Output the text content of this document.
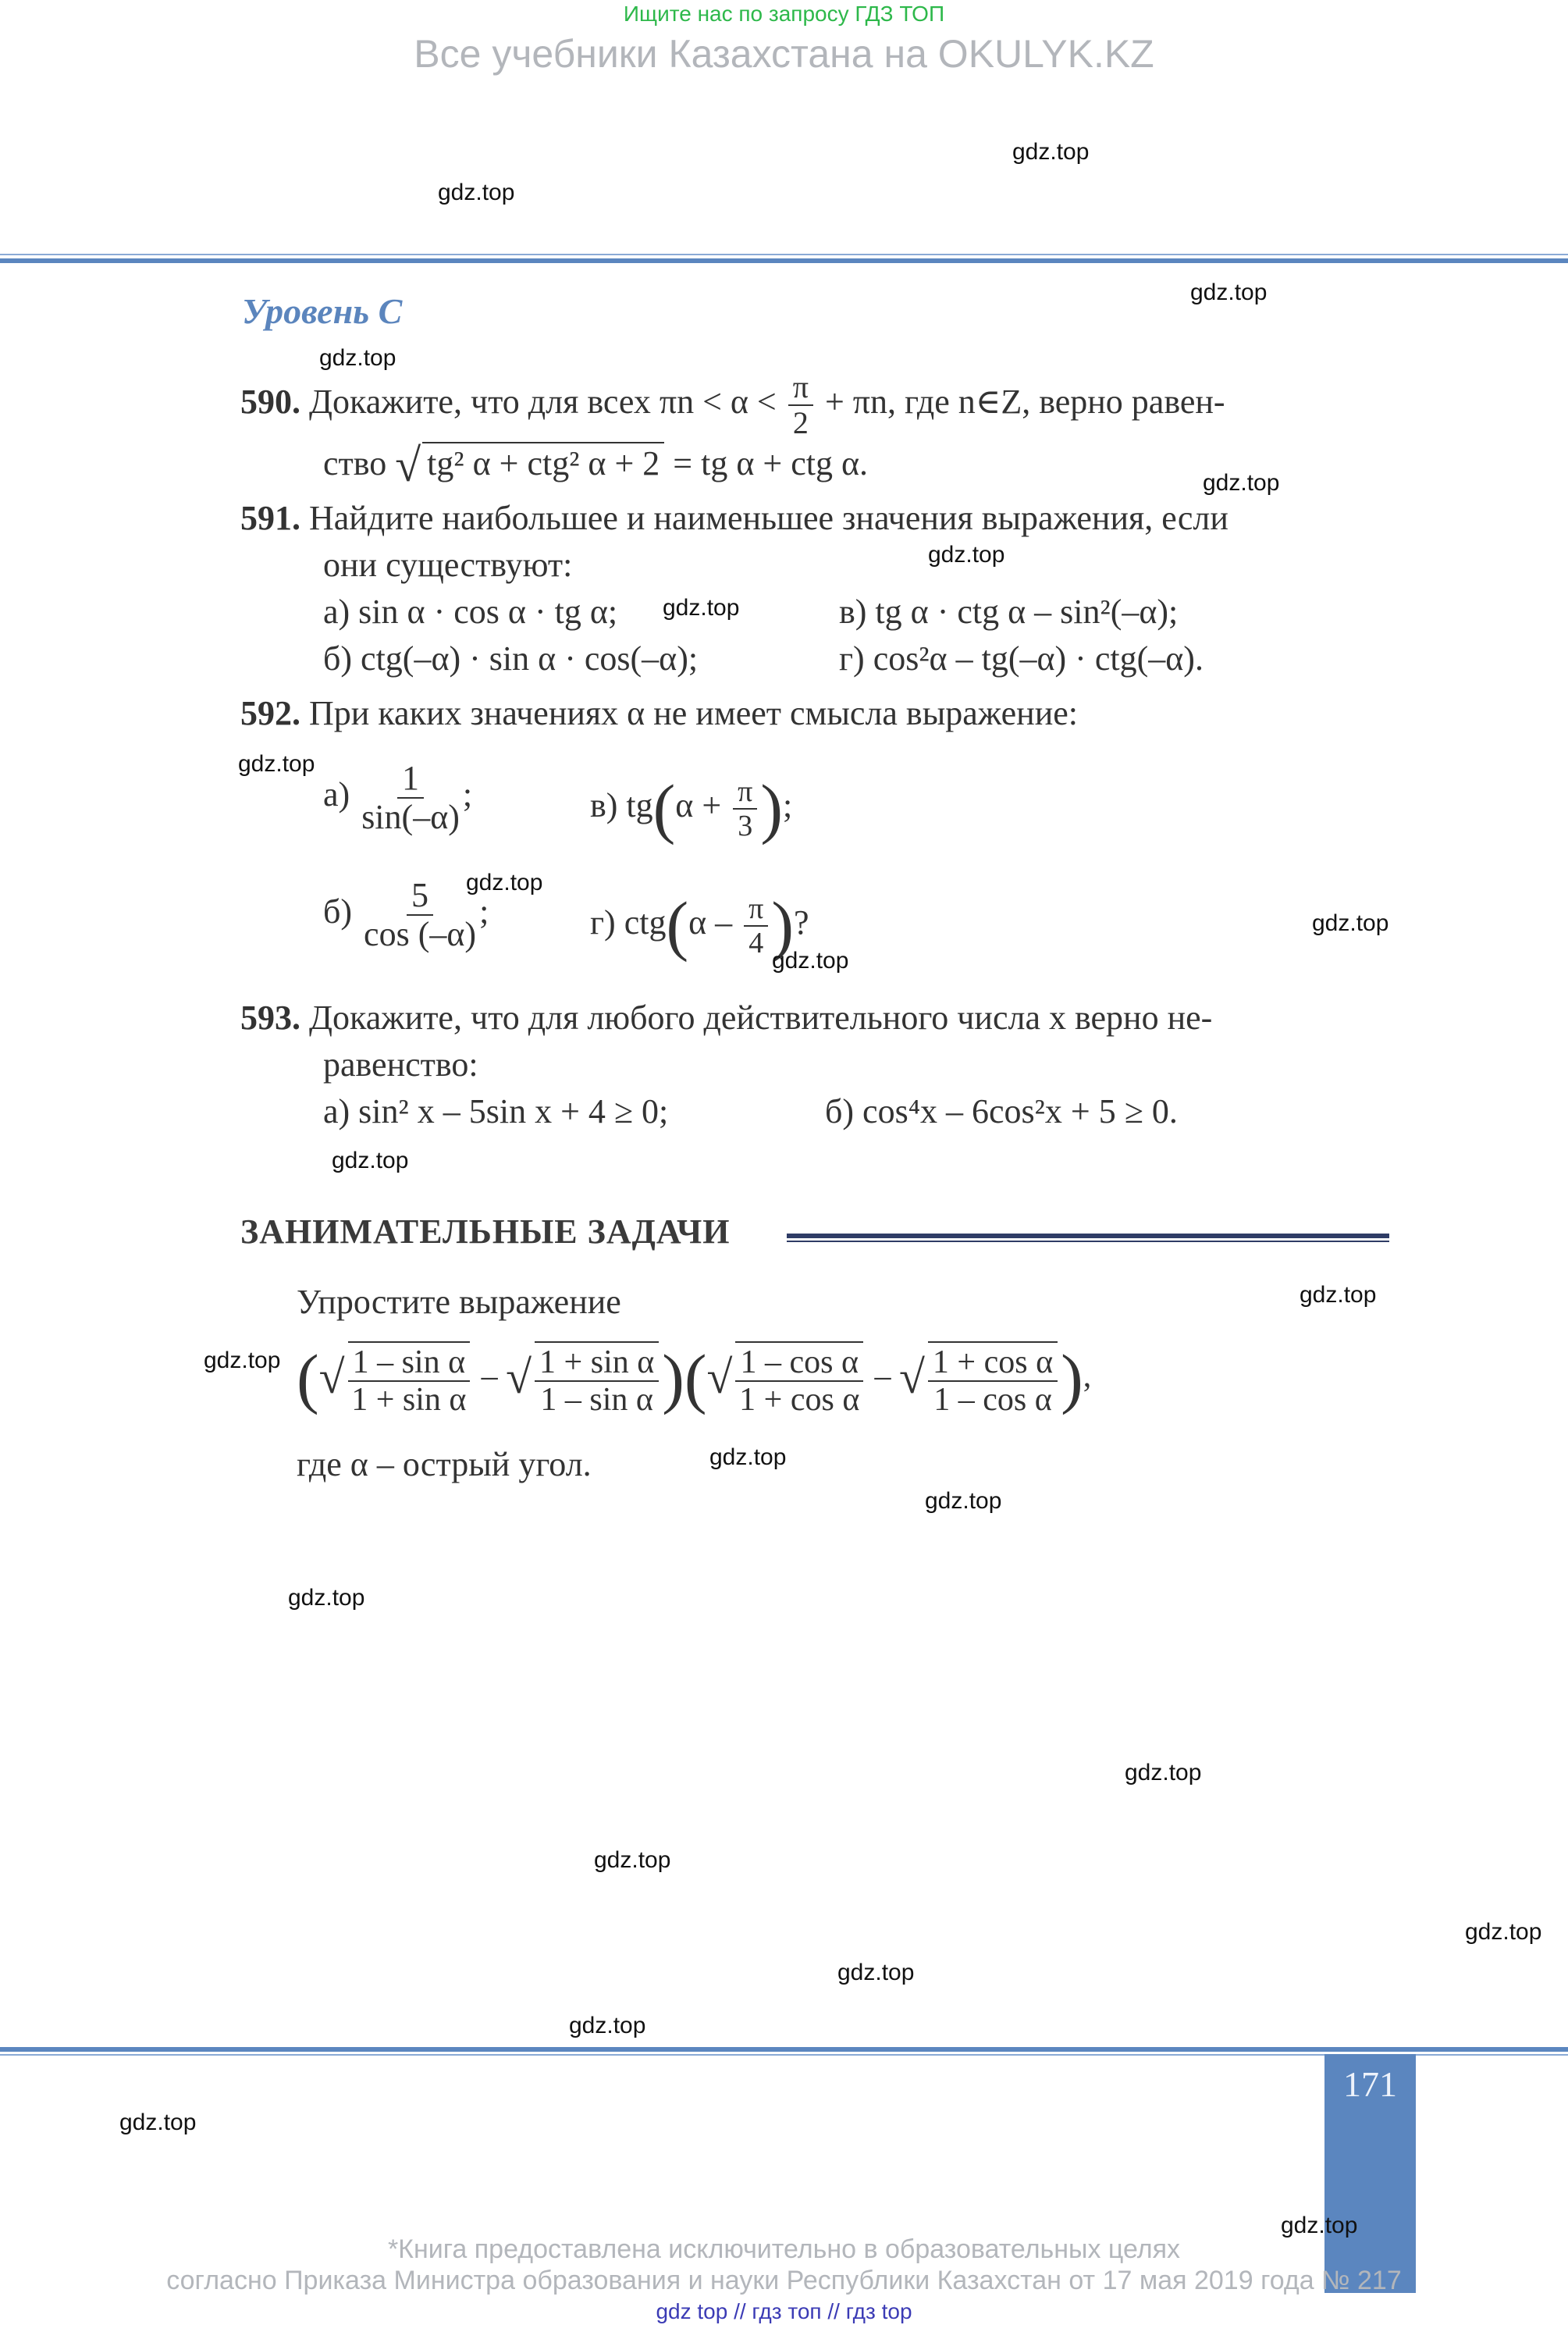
Ищите нас по запросу ГДЗ ТОП
Все учебники Казахстана на OKULYK.KZ
Уровень С
590. Докажите, что для всех $\pi n < \alpha < \frac{\pi}{2} + \pi n$, где n∈Z, верно равен-
ство √ tg² α + ctg² α + 2 = tg α + ctg α.
591. Найдите наибольшее и наименьшее значения выражения, если
они существуют:
а) sin α · cos α · tg α;	в) tg α · ctg α – sin²(–α);
б) ctg(–α) · sin α · cos(–α);	г) cos²α – tg(–α) · ctg(–α).
592. При каких значениях α не имеет смысла выражение:
$а) \frac{1}{\sin(-\alpha)}$ ;	в) $tg(\alpha + \frac{\pi}{3}$ );
$б) \frac{5}{\cos (-\alpha)}$ ;	г) $ctg(\alpha - \frac{\pi}{4}$ )?
593. Докажите, что для любого действительного числа x верно не-
равенство:
а) sin² x – 5sin x + 4 ≥ 0;	б) cos⁴x – 6cos²x + 5 ≥ 0.
ЗАНИМАТЕЛЬНЫЕ ЗАДАЧИ
Упростите выражение
(√ $\frac{\text{1 – sin α}}{\text{1 + sin α}}$ – √ $\frac{\text{1 + sin α}}{\text{1 – sin α}}$ )(√ $\frac{\text{1 – cos α}}{\text{1 + cos α}}$ – √ $\frac{\text{1 + cos α}}{\text{1 – cos α}}$ ),
где α – острый угол.
171
*Книга предоставлена исключительно в образовательных целях
согласно Приказа Министра образования и науки Республики Казахстан от 17 мая 2019 года № 217
gdz top // гдз топ // гдз top
gdz.top
gdz.top
gdz.top
gdz.top
gdz.top
gdz.top
gdz.top
gdz.top
gdz.top
gdz.top
gdz.top
gdz.top
gdz.top
gdz.top
gdz.top
gdz.top
gdz.top
gdz.top
gdz.top
gdz.top
gdz.top
gdz.top
gdz.top
gdz.top
